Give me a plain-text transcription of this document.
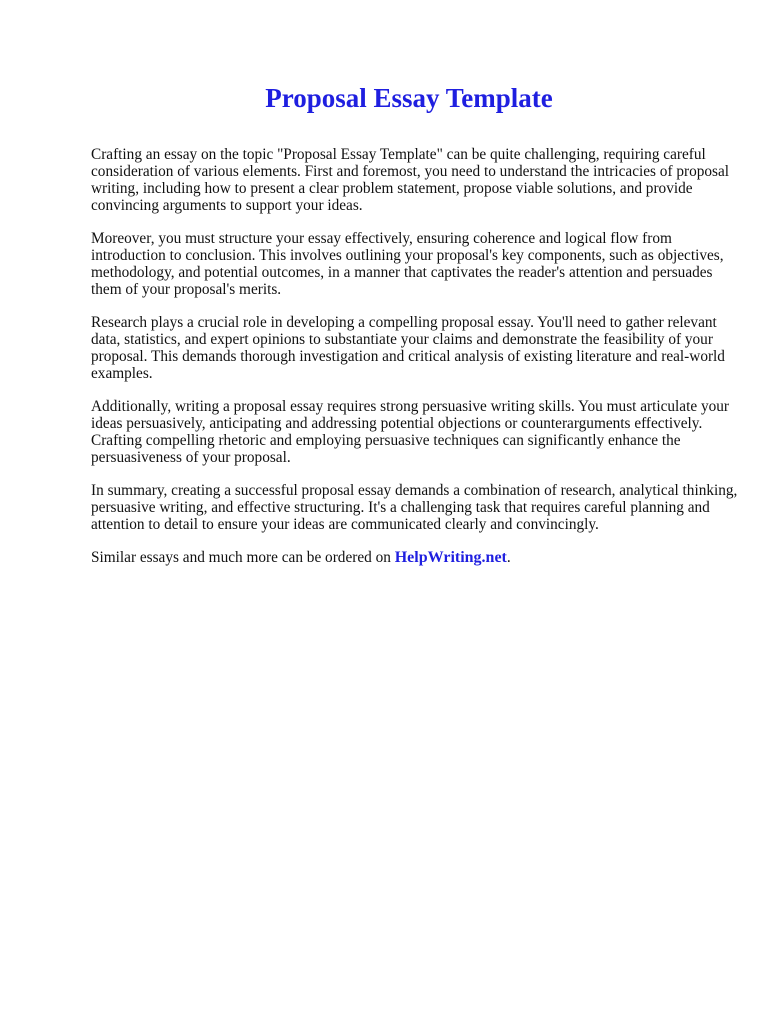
Proposal Essay Template

Crafting an essay on the topic "Proposal Essay Template" can be quite challenging, requiring careful consideration of various elements. First and foremost, you need to understand the intricacies of proposal writing, including how to present a clear problem statement, propose viable solutions, and provide convincing arguments to support your ideas.

Moreover, you must structure your essay effectively, ensuring coherence and logical flow from introduction to conclusion. This involves outlining your proposal's key components, such as objectives, methodology, and potential outcomes, in a manner that captivates the reader's attention and persuades them of your proposal's merits.

Research plays a crucial role in developing a compelling proposal essay. You'll need to gather relevant data, statistics, and expert opinions to substantiate your claims and demonstrate the feasibility of your proposal. This demands thorough investigation and critical analysis of existing literature and real-world examples.

Additionally, writing a proposal essay requires strong persuasive writing skills. You must articulate your ideas persuasively, anticipating and addressing potential objections or counterarguments effectively. Crafting compelling rhetoric and employing persuasive techniques can significantly enhance the persuasiveness of your proposal.

In summary, creating a successful proposal essay demands a combination of research, analytical thinking, persuasive writing, and effective structuring. It's a challenging task that requires careful planning and attention to detail to ensure your ideas are communicated clearly and convincingly.

Similar essays and much more can be ordered on HelpWriting.net.
